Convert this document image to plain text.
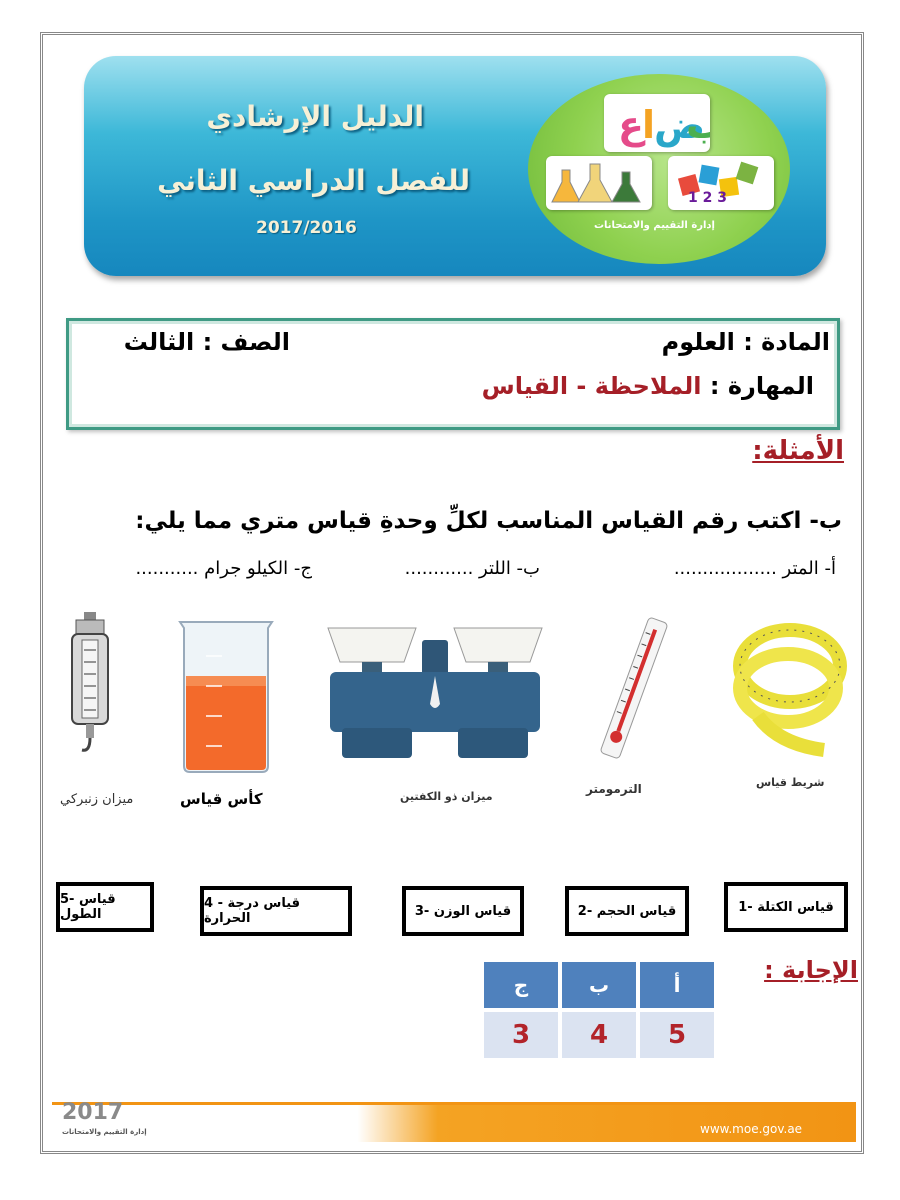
الدليل الإرشادي
للفصل الدراسي الثاني
2017/2016
ع
ا
ض
ب
1 2 3
إدارة التقييم والامتحانات
المادة : العلوم
الصف : الثالث
المهارة : الملاحظة - القياس
الأمثلة:
ب- اكتب رقم القياس المناسب لكلِّ وحدةِ قياس متري مما يلي:
أ- المتر ..................
ب- اللتر ............
ج- الكيلو جرام ...........
ميزان زنبركي	كأس قياس	ميزان ذو الكفتين
الترمومتر	شريط قياس
1- قياس الكتلة
2- قياس الحجم
3- قياس الوزن
4 - قياس درجة الحرارة
5- قياس الطول
الإجابة :
ج	ب	أ
3	4	5
2017
إدارة التقييم والامتحانات	www.moe.gov.ae
